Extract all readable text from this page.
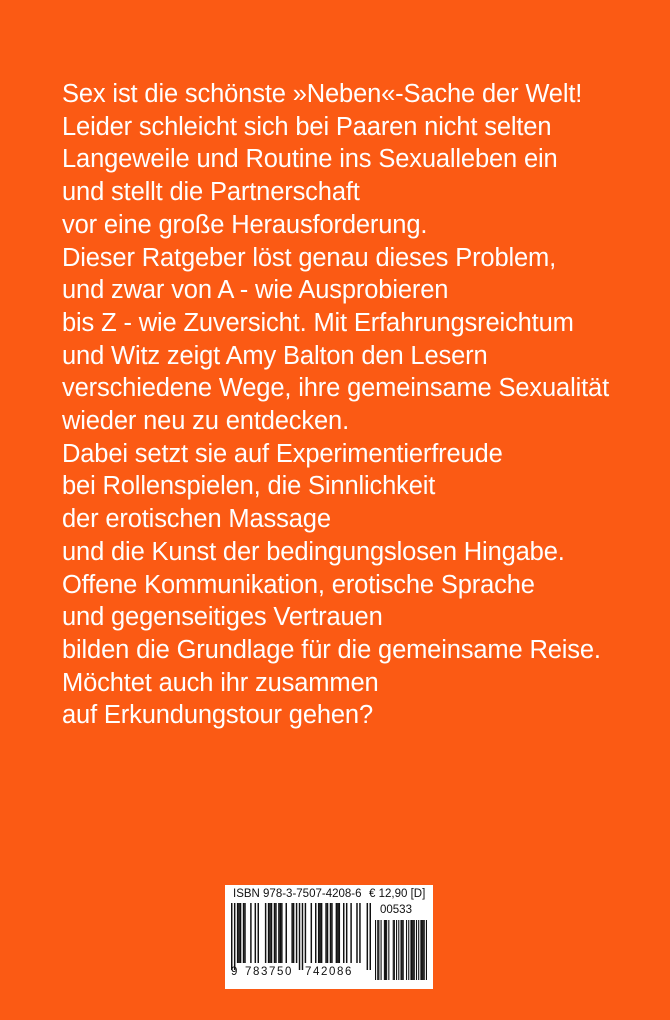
Sex ist die schönste »Neben«-Sache der Welt!
Leider schleicht sich bei Paaren nicht selten
Langeweile und Routine ins Sexualleben ein
und stellt die Partnerschaft
vor eine große Herausforderung.
Dieser Ratgeber löst genau dieses Problem,
und zwar von A - wie Ausprobieren
bis Z - wie Zuversicht. Mit Erfahrungsreichtum
und Witz zeigt Amy Balton den Lesern
verschiedene Wege, ihre gemeinsame Sexualität
wieder neu zu entdecken.
Dabei setzt sie auf Experimentierfreude
bei Rollenspielen, die Sinnlichkeit
der erotischen Massage
und die Kunst der bedingungslosen Hingabe.
Offene Kommunikation, erotische Sprache
und gegenseitiges Vertrauen
bilden die Grundlage für die gemeinsame Reise.
Möchtet auch ihr zusammen
auf Erkundungstour gehen?
ISBN 978-3-7507-4208-6 € 12,90 [D]
00533
9 783750 742086
